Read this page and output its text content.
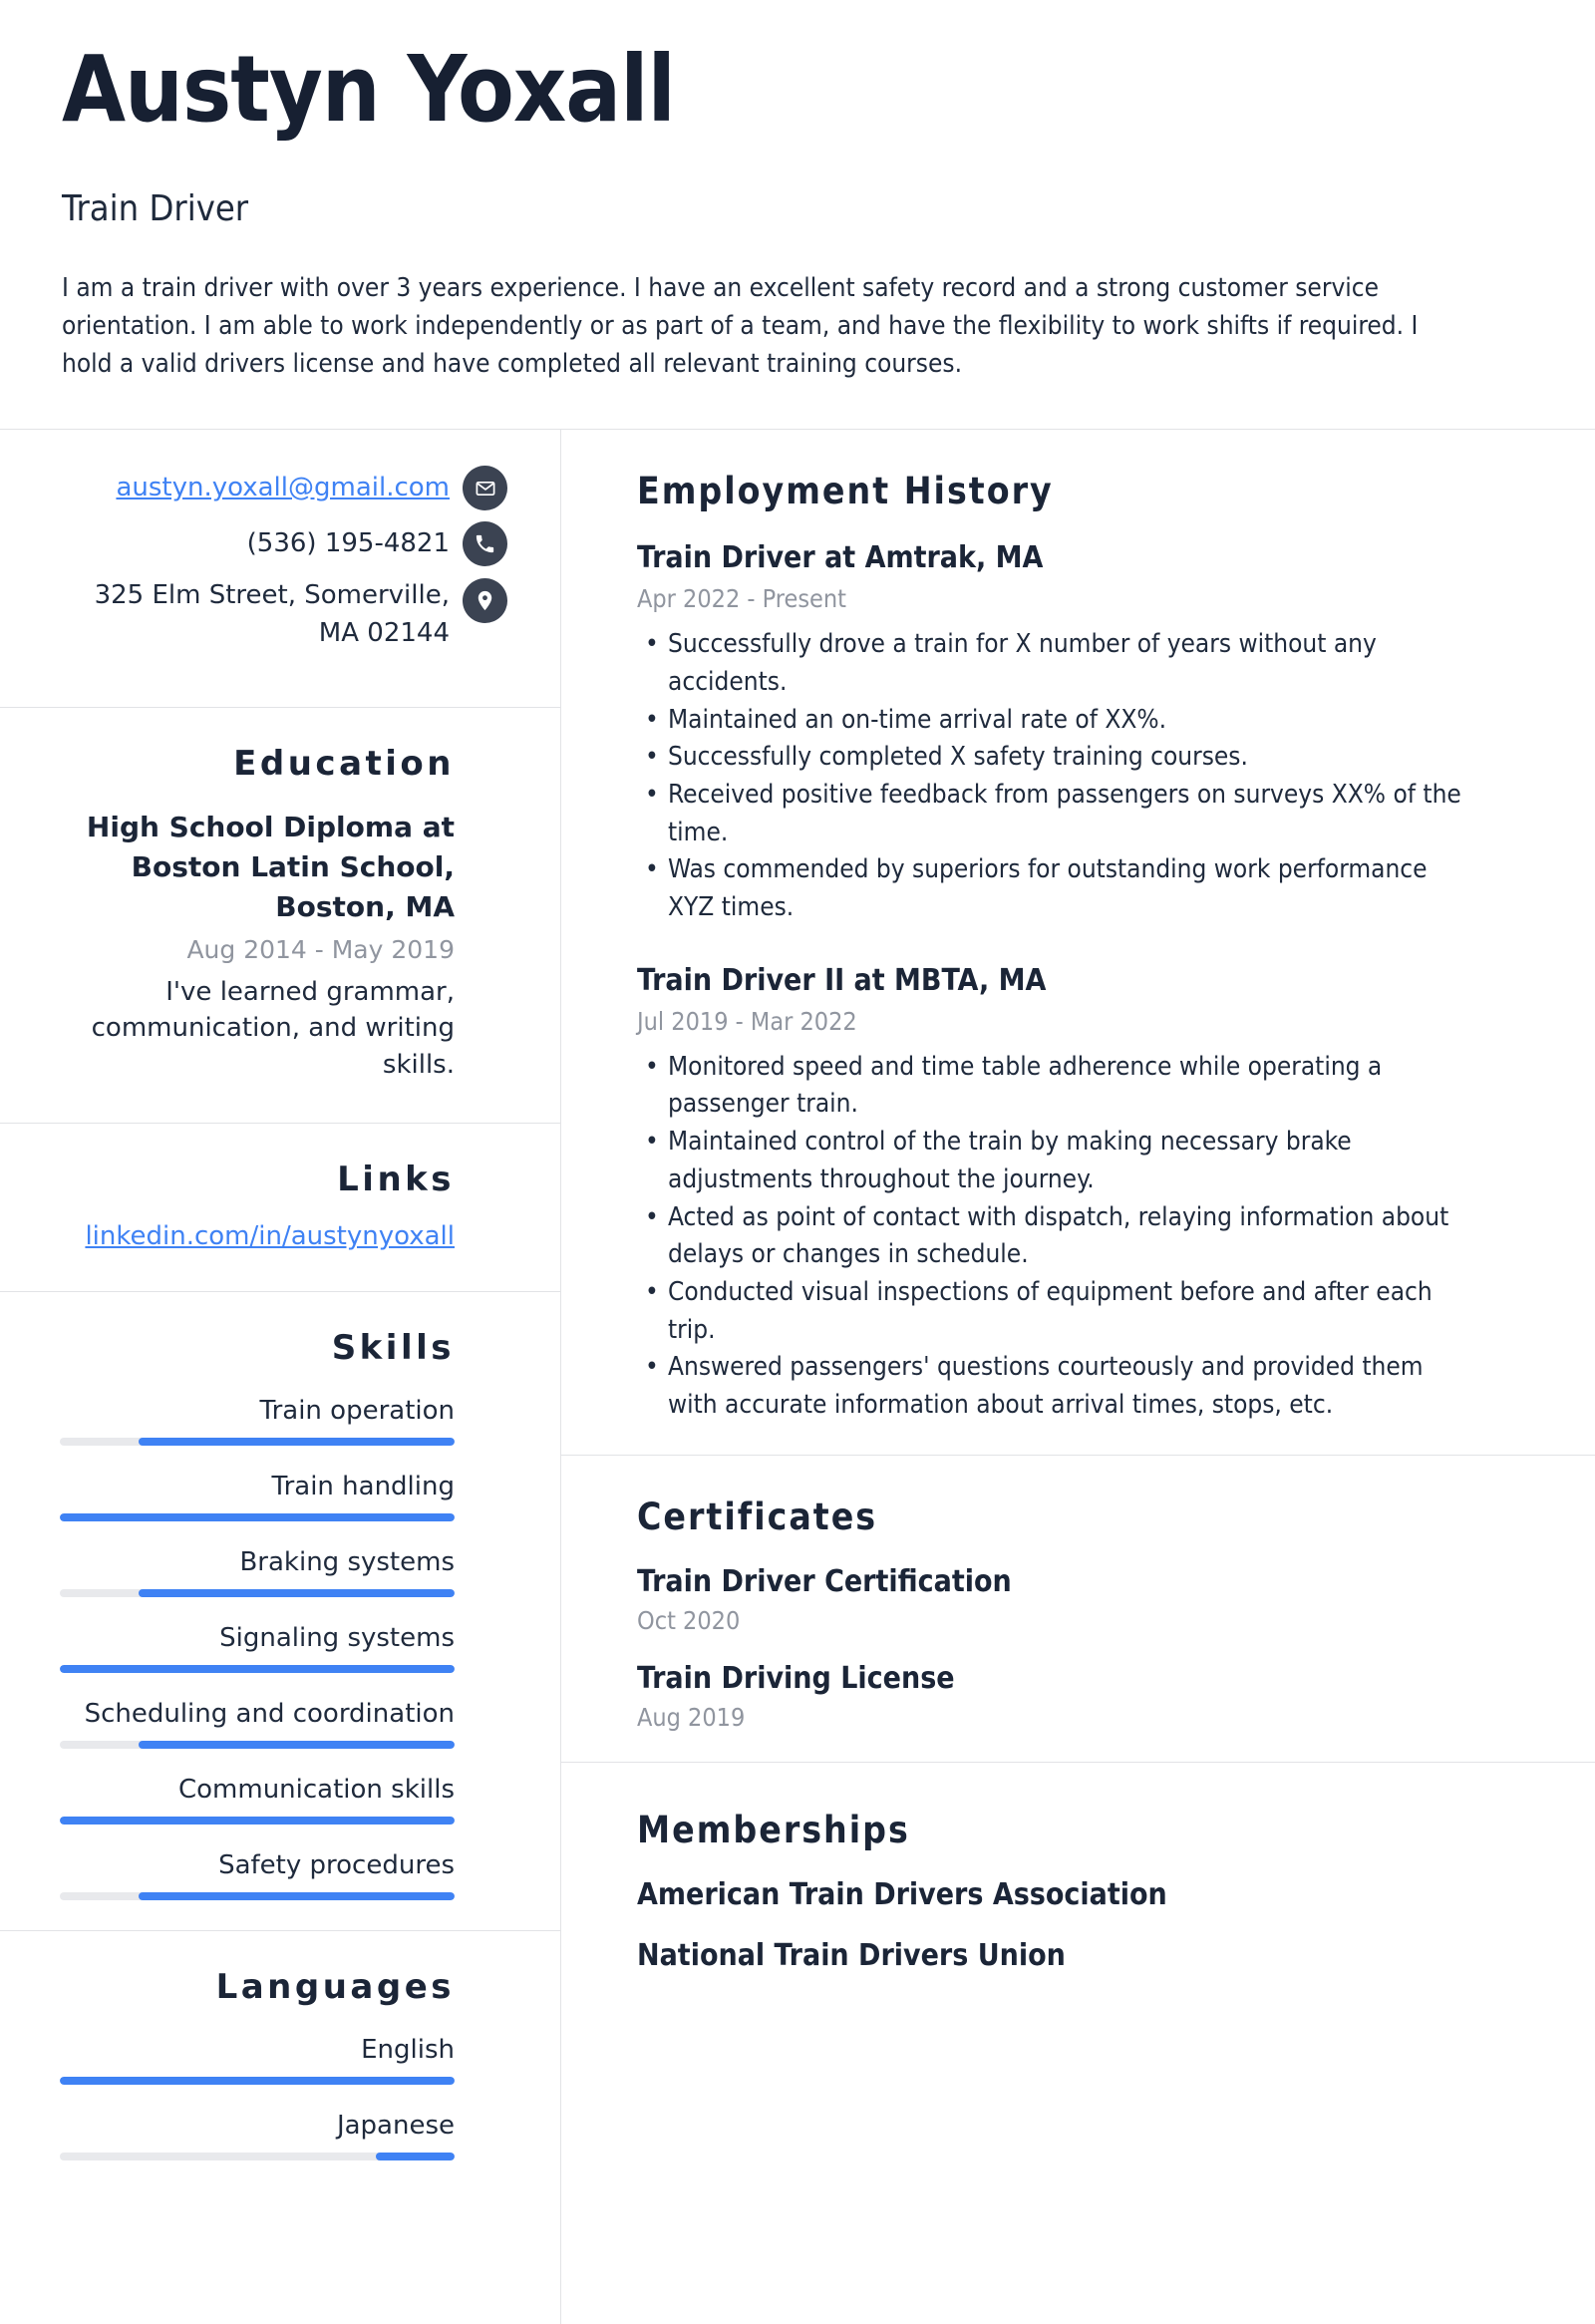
Austyn Yoxall
Train Driver

I am a train driver with over 3 years experience. I have an excellent safety record and a strong customer service orientation. I am able to work independently or as part of a team, and have the flexibility to work shifts if required. I hold a valid drivers license and have completed all relevant training courses.

austyn.yoxall@gmail.com
(536) 195-4821
325 Elm Street, Somerville, MA 02144
Education
High School Diploma at Boston Latin School, Boston, MA
Aug 2014 - May 2019
I've learned grammar, communication, and writing skills.
Links
linkedin.com/in/austynyoxall
Skills
Train operation
Train handling
Braking systems
Signaling systems
Scheduling and coordination
Communication skills
Safety procedures
Languages
English
Japanese
Employment History
Train Driver at Amtrak, MA
Apr 2022 - Present
• Successfully drove a train for X number of years without any accidents.
• Maintained an on-time arrival rate of XX%.
• Successfully completed X safety training courses.
• Received positive feedback from passengers on surveys XX% of the time.
• Was commended by superiors for outstanding work performance XYZ times.
Train Driver II at MBTA, MA
Jul 2019 - Mar 2022
• Monitored speed and time table adherence while operating a passenger train.
• Maintained control of the train by making necessary brake adjustments throughout the journey.
• Acted as point of contact with dispatch, relaying information about delays or changes in schedule.
• Conducted visual inspections of equipment before and after each trip.
• Answered passengers' questions courteously and provided them with accurate information about arrival times, stops, etc.
Certificates
Train Driver Certification
Oct 2020
Train Driving License
Aug 2019
Memberships
American Train Drivers Association
National Train Drivers Union
